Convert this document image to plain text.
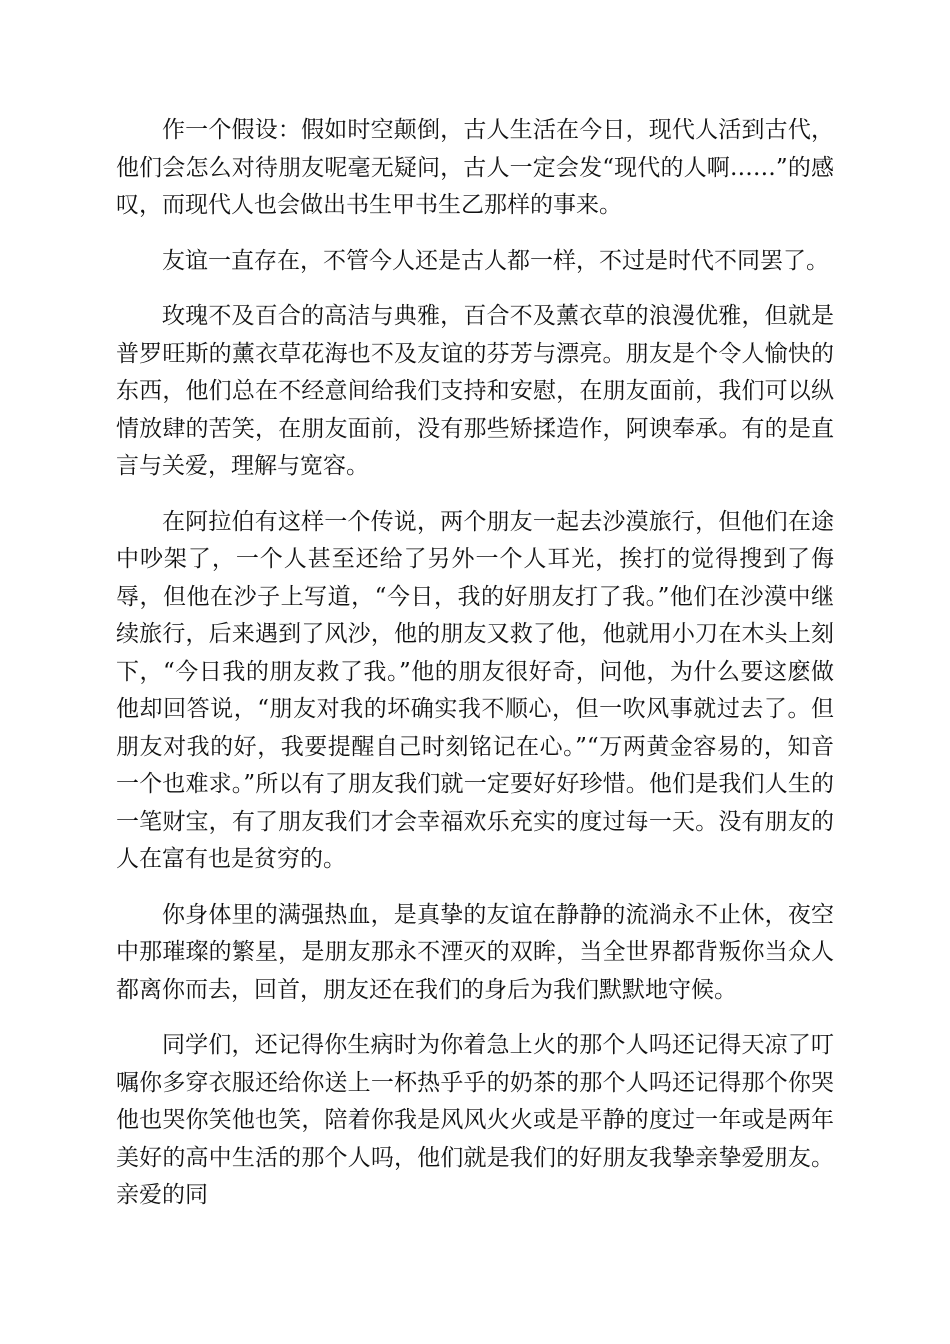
作一个假设：假如时空颠倒，古人生活在今日，现代人活到古代，他们会怎么对待朋友呢毫无疑问，古人一定会发“现代的人啊……”的感叹，而现代人也会做出书生甲书生乙那样的事来。

友谊一直存在，不管今人还是古人都一样，不过是时代不同罢了。

玫瑰不及百合的高洁与典雅，百合不及薰衣草的浪漫优雅，但就是普罗旺斯的薰衣草花海也不及友谊的芬芳与漂亮。朋友是个令人愉快的东西，他们总在不经意间给我们支持和安慰，在朋友面前，我们可以纵情放肆的苦笑，在朋友面前，没有那些矫揉造作，阿谀奉承。有的是直言与关爱，理解与宽容。

在阿拉伯有这样一个传说，两个朋友一起去沙漠旅行，但他们在途中吵架了，一个人甚至还给了另外一个人耳光，挨打的觉得搜到了侮辱，但他在沙子上写道，“今日，我的好朋友打了我。”他们在沙漠中继续旅行，后来遇到了风沙，他的朋友又救了他，他就用小刀在木头上刻下，“今日我的朋友救了我。”他的朋友很好奇，问他，为什么要这麽做他却回答说，“朋友对我的坏确实我不顺心，但一吹风事就过去了。但朋友对我的好，我要提醒自己时刻铭记在心。”“万两黄金容易的，知音一个也难求。”所以有了朋友我们就一定要好好珍惜。他们是我们人生的一笔财宝，有了朋友我们才会幸福欢乐充实的度过每一天。没有朋友的人在富有也是贫穷的。

你身体里的满强热血，是真挚的友谊在静静的流淌永不止休，夜空中那璀璨的繁星，是朋友那永不湮灭的双眸，当全世界都背叛你当众人都离你而去，回首，朋友还在我们的身后为我们默默地守候。

同学们，还记得你生病时为你着急上火的那个人吗还记得天凉了叮嘱你多穿衣服还给你送上一杯热乎乎的奶茶的那个人吗还记得那个你哭他也哭你笑他也笑，陪着你我是风风火火或是平静的度过一年或是两年美好的高中生活的那个人吗，他们就是我们的好朋友我挚亲挚爱朋友。亲爱的同
